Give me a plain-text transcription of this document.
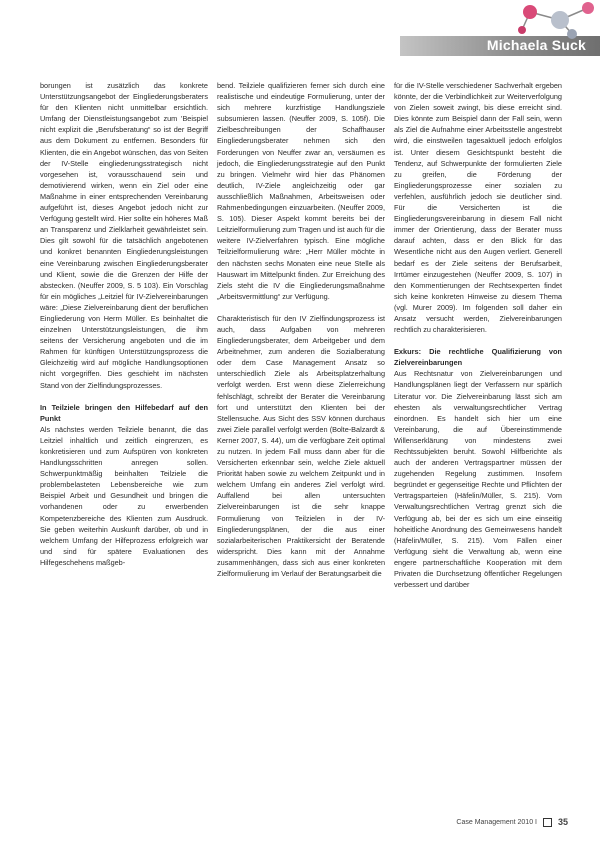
Michaela Suck

borungen ist zusätzlich das konkrete Unterstützungsangebot der Eingliederungsberaters für den Klienten nicht unmittelbar ersichtlich. Umfang der Dienstleistungsangebot zum 'Beispiel nicht explizit die „Berufsberatung“ so ist der Begriff aus dem Dokument zu entfernen. Besonders für Klienten, die ein Angebot wünschen, das von Seiten der IV-Stelle eingliederungsstrategisch nicht vorgesehen ist, vorausschauend sein und demotivierend wirken, wenn ein Ziel oder eine Maßnahme in einer entsprechenden Vereinbarung aufgeführt ist, dieses Angebot jedoch nicht zur Verfügung gestellt wird. Hier sollte ein höheres Maß an Transparenz und Zielklarheit gewährleistet sein. Dies gilt sowohl für die tatsächlich angebotenen und konkret benannten Eingliederungsleistungen eine Vereinbarung zwischen Eingliederungsberater und Klient, sowie die die Grenzen der Hilfe der abstecken. (Neuffer 2009, S. 5 103). Ein Vorschlag für ein mögliches „Leitziel für IV-Zielvereinbarungen wäre: „Diese Zielvereinbarung dient der beruflichen Eingliederung von Herrn Müller. Es beinhaltet die einzelnen Unterstützungsleistungen, die ihm seitens der Versicherung angeboten und die im Rahmen für künftigen Unterstützungsprozess die Gleichzeitig wird auf mögliche Handlungsoptionen nicht vorgegriffen. Dies geschieht im nächsten Stand von der Zielfindungsprozesses.

In Teilziele bringen den Hilfebedarf auf den Punkt

Als nächstes werden Teilziele benannt, die das Leitziel inhaltlich und zeitlich eingrenzen, es konkretisieren und zum Aufspüren von konkreten Handlungsschritten anregen sollen. Schwerpunktmäßig beinhalten Teilziele die problembelasteten Lebensbereiche wie zum Beispiel Arbeit und Gesundheit und bringen die vorhandenen oder zu erwerbenden Kompetenzbereiche des Klienten zum Ausdruck. Sie geben weiterhin Auskunft darüber, ob und in welchem Umfang der Hilfeprozess erfolgreich war und sind für spätere Evaluationen des Hilfegeschehens maßgeb-

bend. Teilziele qualifizieren ferner sich durch eine realistische und eindeutige Formulierung, unter der sich mehrere kurzfristige Handlungsziele subsumieren lassen. (Neuffer 2009, S. 105f). Die Zielbeschreibungen der Schaffhauser Eingliederungsberater nehmen sich den Forderungen von Neuffer zwar an, versäumen es jedoch, die Eingliederungsstrategie auf den Punkt zu bringen. Vielmehr wird hier das Phänomen deutlich, IV-Ziele angleichzeitig oder gar ausschließlich Maßnahmen, Arbeitsweisen oder Rahmenbedingungen einzuarbeiten. (Neuffer 2009, S. 105). Dieser Aspekt kommt bereits bei der Leitzielformulierung zum Tragen und ist auch für die weitere IV-Zielverfahren typisch. Eine mögliche Teilzielformulierung wäre: „Herr Müller möchte in den nächsten sechs Monaten eine neue Stelle als Hauswart im Mittelpunkt finden. Zur Erreichung des Ziels steht die IV die Eingliederungsmaßnahme „Arbeitsvermittlung“ zur Verfügung.

Charakteristisch für den IV Zielfindungsprozess ist auch, dass Aufgaben von mehreren Eingliederungsberater, dem Arbeitgeber und dem Arbeitnehmer, zum anderen die Sozialberatung oder dem Case Management Ansatz so unterschiedlich Ziele als Arbeitsplatzerhaltung verfolgt werden. Erst wenn diese Zielerreichung fehlschlägt, schreibt der Berater die Vereinbarung fort und unterstützt den Klienten bei der Stellensuche. Aus Sicht des SSV können durchaus zwei Ziele parallel verfolgt werden (Bolte-Balzardt & Kerner 2007, S. 44), um die verfügbare Zeit optimal zu nutzen. In jedem Fall muss dann aber für die Versicherten erkennbar sein, welche Ziele aktuell Priorität haben sowie zu welchem Zeitpunkt und in welchem Umfang ein anderes Ziel verfolgt wird. Auffallend bei allen untersuchten Zielvereinbarungen ist die sehr knappe Formulierung von Teilzielen in der IV-Eingliederungsplänen, der die aus einer sozialarbeiterischen Praktikersicht der Beratende widerspricht. Dies kann mit der Annahme zusammenhängen, dass sich aus einer konkreten Zielformulierung im Verlauf der Beratungsarbeit die

für die IV-Stelle verschiedener Sachverhalt ergeben könnte, der die Verbindlichkeit zur Weiterverfolgung von Zielen soweit zwingt, bis diese erreicht sind. Dies könnte zum Beispiel dann der Fall sein, wenn als Ziel die Aufnahme einer Arbeitsstelle angestrebt wird, die einstweilen tagesaktuell jedoch erfolglos ist. Unter diesem Gesichtspunkt besteht die Tendenz, auf Schwerpunkte der formulierten Ziele zu greifen, die Förderung der Eingliederungsprozesse einer sozialen zu verfehlen, ausführlich jedoch sie deutlicher sind. Für die Versicherten ist die Eingliederungsvereinbarung in diesem Fall nicht immer der Orientierung, dass der Berater muss darauf achten, dass er den Blick für das Wesentliche nicht aus den Augen verliert. Generell bedarf es der Ziele seitens der Berufsarbeit, Irrtümer einzugestehen (Neuffer 2009, S. 107) in den Kommentierungen der Rechtsexperten findet sich keine konkreten Hinweise zu diesem Thema (vgl. Murer 2009). Im folgenden soll daher ein Ansatz versucht werden, Zielvereinbarungen rechtlich zu charakterisieren.

Exkurs: Die rechtliche Qualifizierung von Zielvereinbarungen

Aus Rechtsnatur von Zielvereinbarungen und Handlungsplänen liegt der Verfassern nur spärlich Literatur vor. Die Zielvereinbarung lässt sich am ehesten als verwaltungsrechtlicher Vertrag einordnen. Es handelt sich hier um eine Vereinbarung, die auf Übereinstimmende Willenserklärung von mindestens zwei Rechtssubjekten beruht. Sowohl Hilfberichte als auch der anderen Vertragspartner müssen der zugehenden Regelung zustimmen. Insofern begründet er gegenseitige Rechte und Pflichten der Vertragsparteien (Häfelin/Müller, S. 215). Vom Verwaltungsrechtlichen Vertrag grenzt sich die Verfügung ab, bei der es sich um eine einseitig hoheitliche Anordnung des Gemeinwesens handelt (Häfelin/Müller, S. 215). Vom Fällen einer Verfügung sieht die Verwaltung ab, wenn eine engere partnerschaftliche Kooperation mit dem Privaten die Durchsetzung öffentlicher Regelungen verbessert und darüber

Case Management 2010 I 35
